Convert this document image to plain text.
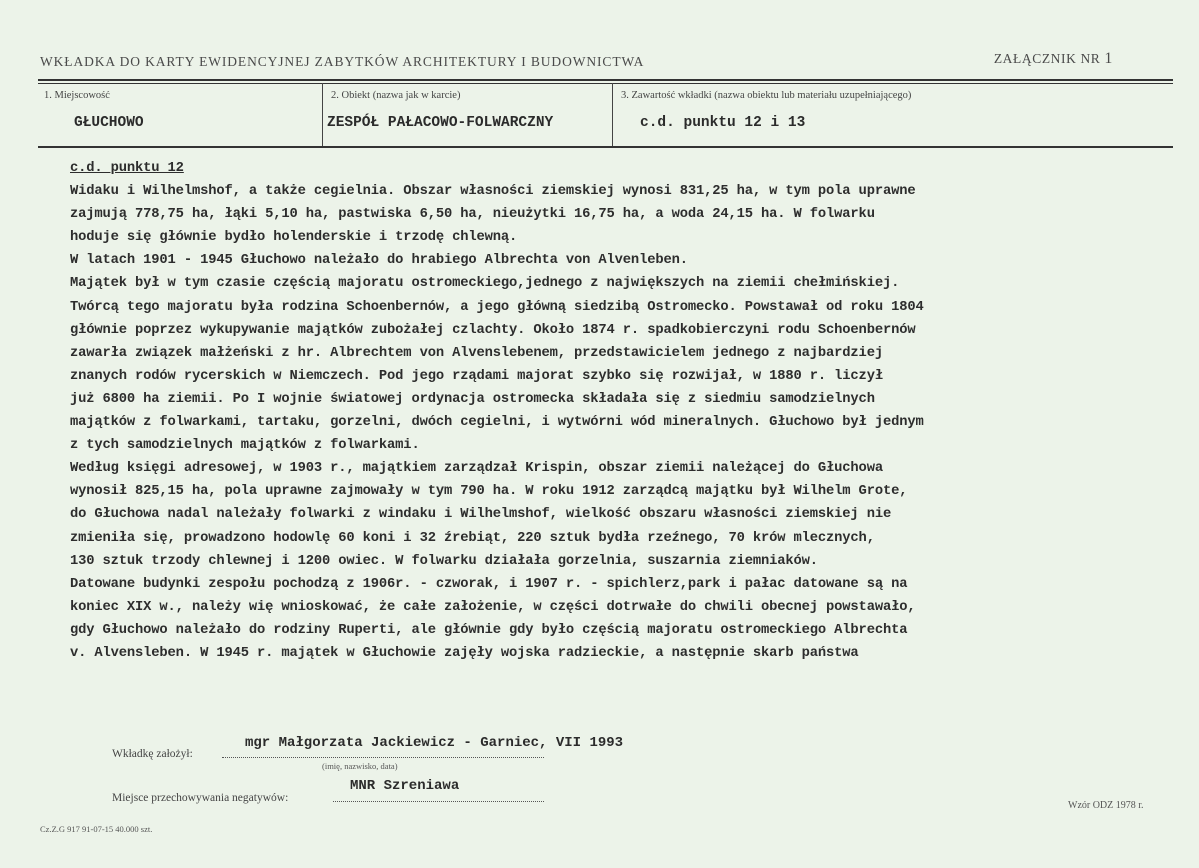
WKŁADKA DO KARTY EWIDENCYJNEJ ZABYTKÓW ARCHITEKTURY I BUDOWNICTWA	ZAŁĄCZNIK NR 1
1. Miejscowość
GŁUCHOWO
2. Obiekt (nazwa jak w karcie)
ZESPÓŁ PAŁACOWO-FOLWARCZNY
3. Zawartość wkładki (nazwa obiektu lub materiału uzupełniającego)
c.d. punktu 12 i 13
c.d. punktu 12
Widaku i Wilhelmshof, a także cegielnia. Obszar własności ziemskiej wynosi 831,25 ha, w tym pola uprawne
zajmują 778,75 ha, łąki 5,10 ha, pastwiska 6,50 ha, nieużytki 16,75 ha, a woda 24,15 ha. W folwarku
hoduje się głównie bydło holenderskie i trzodę chlewną.
W latach 1901 - 1945 Głuchowo należało do hrabiego Albrechta von Alvenleben.
Majątek był w tym czasie częścią majoratu ostromeckiego,jednego z największych na ziemii chełmińskiej.
Twórcą tego majoratu była rodzina Schoenbernów, a jego główną siedzibą Ostromecko. Powstawał od roku 1804
głównie poprzez wykupywanie majątków zubożałej czlachty. Około 1874 r. spadkobierczyni rodu Schoenbernów
zawarła związek małżeński z hr. Albrechtem von Alvenslebenem, przedstawicielem jednego z najbardziej
znanych rodów rycerskich w Niemczech. Pod jego rządami majorat szybko się rozwijał, w 1880 r. liczył
już 6800 ha ziemii. Po I wojnie światowej ordynacja ostromecka składała się z siedmiu samodzielnych
majątków z folwarkami, tartaku, gorzelni, dwóch cegielni, i wytwórni wód mineralnych. Głuchowo był jednym
z tych samodzielnych majątków z folwarkami.
Według księgi adresowej, w 1903 r., majątkiem zarządzał Krispin, obszar ziemii należącej do Głuchowa
wynosił 825,15 ha, pola uprawne zajmowały w tym 790 ha. W roku 1912 zarządcą majątku był Wilhelm Grote,
do Głuchowa nadal należały folwarki z windaku i Wilhelmshof, wielkość obszaru własności ziemskiej nie
zmieniła się, prowadzono hodowlę 60 koni i 32 źrebiąt, 220 sztuk bydła rzeźnego, 70 krów mlecznych,
130 sztuk trzody chlewnej i 1200 owiec. W folwarku działała gorzelnia, suszarnia ziemniaków.
Datowane budynki zespołu pochodzą z 1906r. - czworak, i 1907 r. - spichlerz,park i pałac datowane są na
koniec XIX w., należy wię wnioskować, że całe założenie, w części dotrwałe do chwili obecnej powstawało,
gdy Głuchowo należało do rodziny Ruperti, ale głównie gdy było częścią majoratu ostromeckiego Albrechta
v. Alvensleben. W 1945 r. majątek w Głuchowie zajęły wojska radzieckie, a następnie skarb państwa
Wkładkę założył:
mgr Małgorzata Jackiewicz - Garniec, VII 1993
(imię, nazwisko, data)
Miejsce przechowywania negatywów:
MNR Szreniawa
Wzór ODZ 1978 r.
Cz.Z.G 917 91-07-15 40.000 szt.
